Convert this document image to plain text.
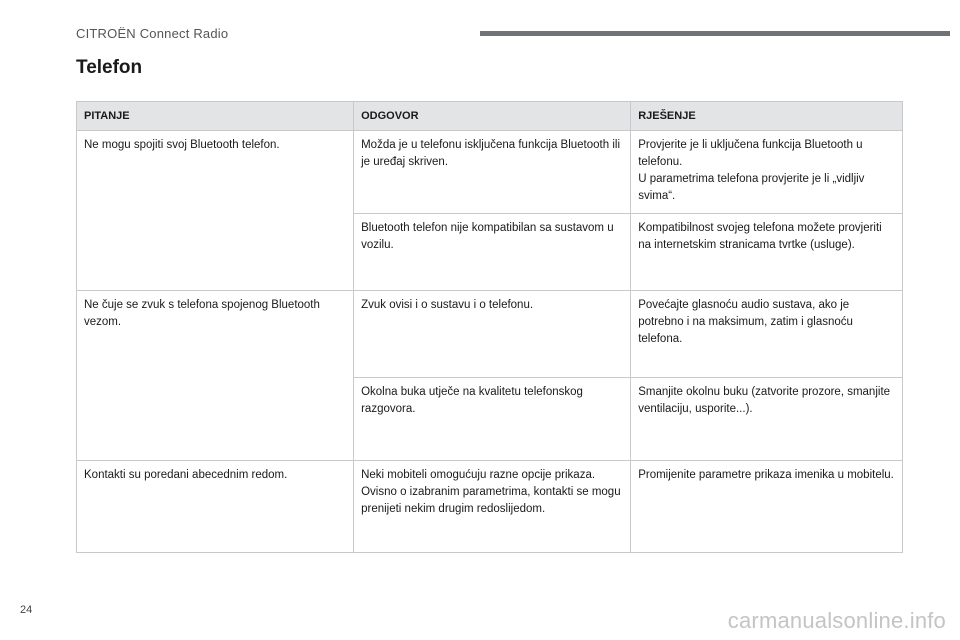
CITROËN Connect Radio
Telefon
PITANJE	ODGOVOR	RJEŠENJE
Ne mogu spojiti svoj Bluetooth telefon.	Možda je u telefonu isključena funkcija Bluetooth ili je uređaj skriven.	Provjerite je li uključena funkcija Bluetooth u telefonu.
U parametrima telefona provjerite je li „vidljiv svima“.

	Bluetooth telefon nije kompatibilan sa sustavom u vozilu.	Kompatibilnost svojeg telefona možete provjeriti na internetskim stranicama tvrtke (usluge).

Ne čuje se zvuk s telefona spojenog Bluetooth vezom.	Zvuk ovisi i o sustavu i o telefonu.	Povećajte glasnoću audio sustava, ako je potrebno i na maksimum, zatim i glasnoću telefona.

	Okolna buka utječe na kvalitetu telefonskog razgovora.	Smanjite okolnu buku (zatvorite prozore, smanjite ventilaciju, usporite...).

Kontakti su poredani abecednim redom.	Neki mobiteli omogućuju razne opcije prikaza. Ovisno o izabranim parametrima, kontakti se mogu prenijeti nekim drugim redoslijedom.	Promijenite parametre prikaza imenika u mobitelu.
24	carmanualsonline.info
